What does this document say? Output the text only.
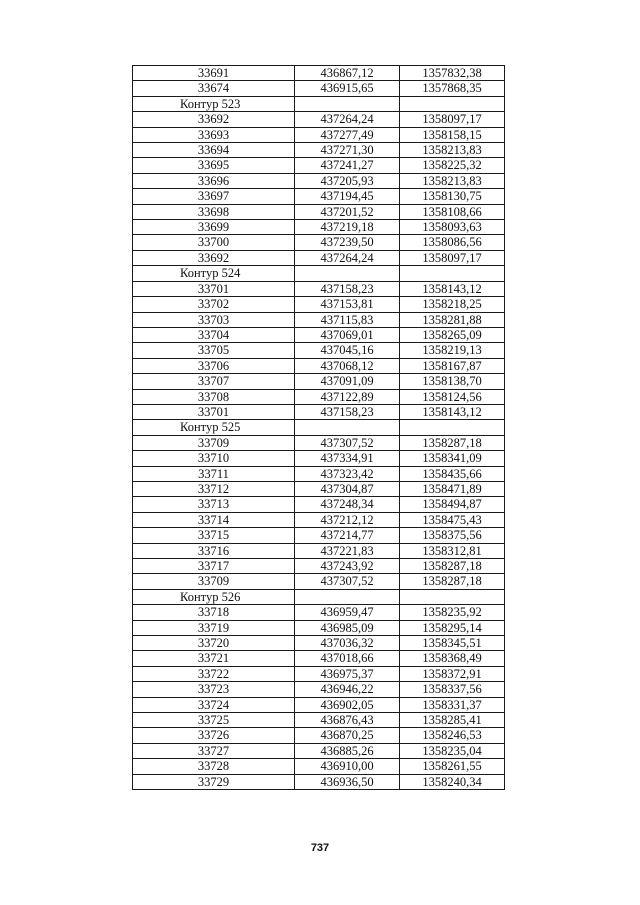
33691	436867,12	1357832,38
33674	436915,65	1357868,35
Контур 523		
33692	437264,24	1358097,17
33693	437277,49	1358158,15
33694	437271,30	1358213,83
33695	437241,27	1358225,32
33696	437205,93	1358213,83
33697	437194,45	1358130,75
33698	437201,52	1358108,66
33699	437219,18	1358093,63
33700	437239,50	1358086,56
33692	437264,24	1358097,17
Контур 524		
33701	437158,23	1358143,12
33702	437153,81	1358218,25
33703	437115,83	1358281,88
33704	437069,01	1358265,09
33705	437045,16	1358219,13
33706	437068,12	1358167,87
33707	437091,09	1358138,70
33708	437122,89	1358124,56
33701	437158,23	1358143,12
Контур 525		
33709	437307,52	1358287,18
33710	437334,91	1358341,09
33711	437323,42	1358435,66
33712	437304,87	1358471,89
33713	437248,34	1358494,87
33714	437212,12	1358475,43
33715	437214,77	1358375,56
33716	437221,83	1358312,81
33717	437243,92	1358287,18
33709	437307,52	1358287,18
Контур 526		
33718	436959,47	1358235,92
33719	436985,09	1358295,14
33720	437036,32	1358345,51
33721	437018,66	1358368,49
33722	436975,37	1358372,91
33723	436946,22	1358337,56
33724	436902,05	1358331,37
33725	436876,43	1358285,41
33726	436870,25	1358246,53
33727	436885,26	1358235,04
33728	436910,00	1358261,55
33729	436936,50	1358240,34
737
